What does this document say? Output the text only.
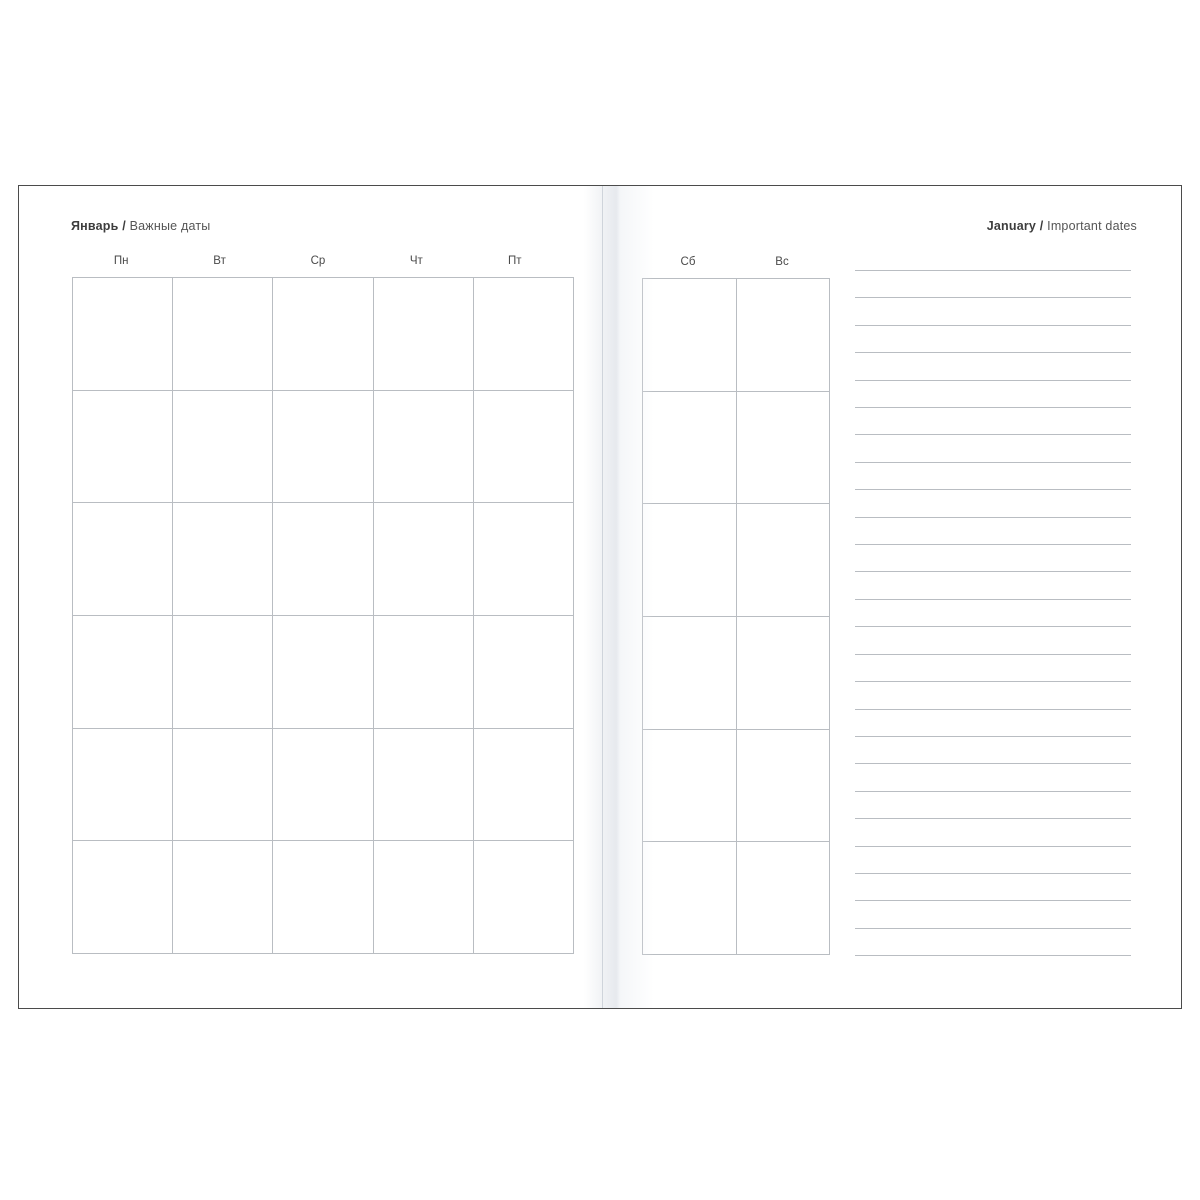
Январь / Важные даты	January / Important dates
Пн	Вт	Ср	Чт	Пт	Сб	Вс
